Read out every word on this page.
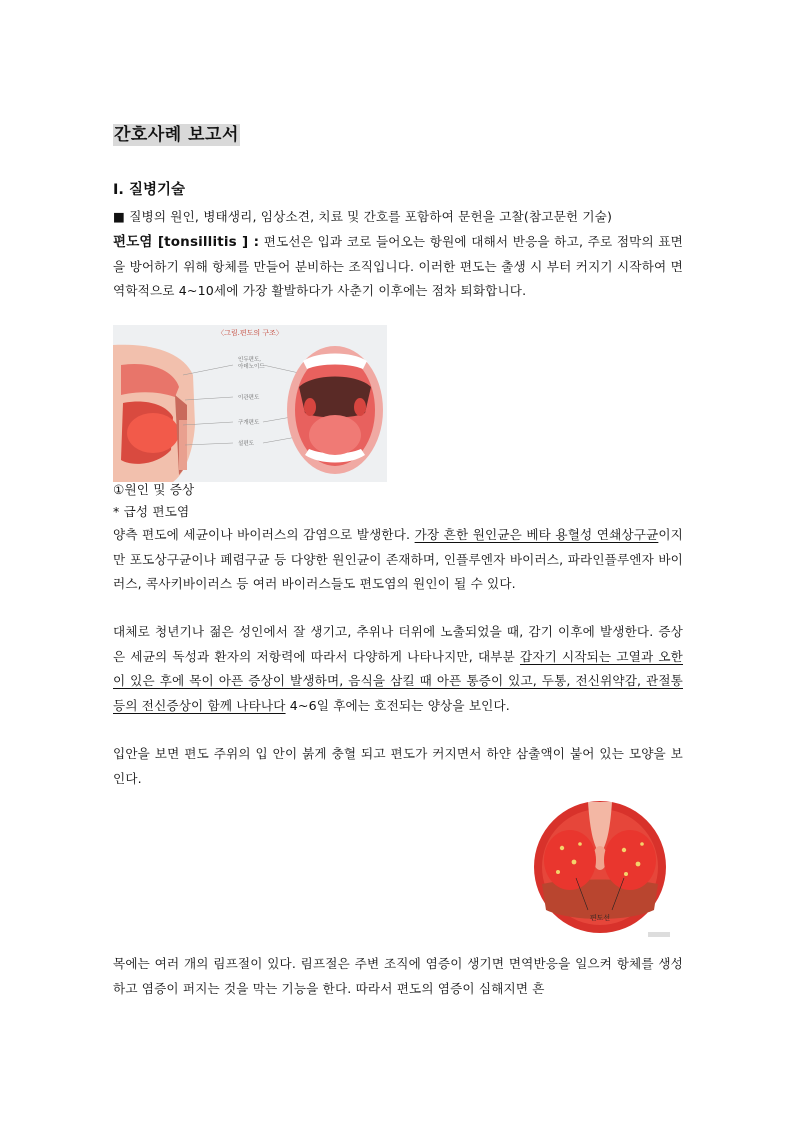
간호사례 보고서
I. 질병기술
■ 질병의 원인, 병태생리, 임상소견, 치료 및 간호를 포함하여 문헌을 고찰(참고문헌 기술)
편도염 [tonsillitis ] : 편도선은 입과 코로 들어오는 항원에 대해서 반응을 하고, 주로 점막의 표면을 방어하기 위해 항체를 만들어 분비하는 조직입니다. 이러한 편도는 출생 시 부터 커지기 시작하여 면역학적으로 4~10세에 가장 활발하다가 사춘기 이후에는 점차 퇴화합니다.
〈그림.편도의 구조〉
인두편도,
아데노이드
이관편도
구개편도
설편도
①원인 및 증상
* 급성 편도염
양측 편도에 세균이나 바이러스의 감염으로 발생한다. 가장 흔한 원인균은 베타 용혈성 연쇄상구균이지만 포도상구균이나 폐렴구균 등 다양한 원인균이 존재하며, 인플루엔자 바이러스, 파라인플루엔자 바이러스, 콕사키바이러스 등 여러 바이러스들도 편도염의 원인이 될 수 있다.
대체로 청년기나 젊은 성인에서 잘 생기고, 추위나 더위에 노출되었을 때, 감기 이후에 발생한다. 증상은 세균의 독성과 환자의 저항력에 따라서 다양하게 나타나지만, 대부분 갑자기 시작되는 고열과 오한이 있은 후에 목이 아픈 증상이 발생하며, 음식을 삼킬 때 아픈 통증이 있고, 두통, 전신위약감, 관절통 등의 전신증상이 함께 나타나다 4~6일 후에는 호전되는 양상을 보인다.
입안을 보면 편도 주위의 입 안이 붉게 충혈 되고 편도가 커지면서 하얀 삼출액이 붙어 있는 모양을 보인다.
편도선
목에는 여러 개의 림프절이 있다. 림프절은 주변 조직에 염증이 생기면 면역반응을 일으켜 항체를 생성하고 염증이 퍼지는 것을 막는 기능을 한다. 따라서 편도의 염증이 심해지면 흔
